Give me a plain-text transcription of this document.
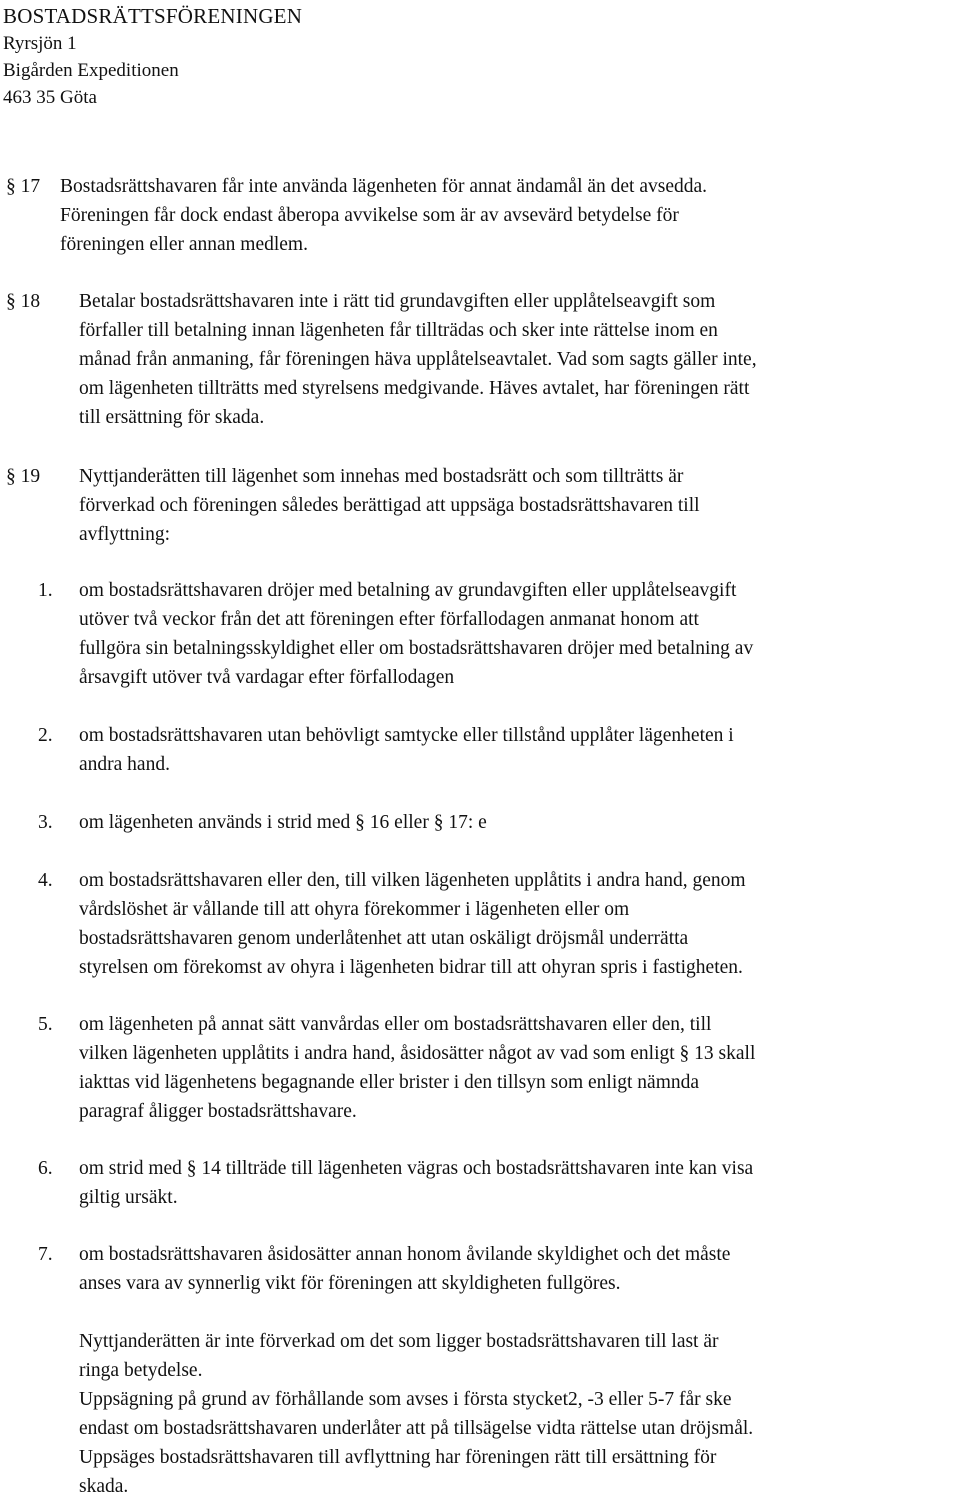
BOSTADSRÄTTSFÖRENINGEN
Ryrsjön 1
Bigården Expeditionen
463 35 Göta
§ 17 Bostadsrättshavaren får inte använda lägenheten för annat ändamål än det avsedda.
Föreningen får dock endast åberopa avvikelse som är av avsevärd betydelse för
föreningen eller annan medlem.
§ 18 Betalar bostadsrättshavaren inte i rätt tid grundavgiften eller upplåtelseavgift som
förfaller till betalning innan lägenheten får tillträdas och sker inte rättelse inom en
månad från anmaning, får föreningen häva upplåtelseavtalet. Vad som sagts gäller inte,
om lägenheten tillträtts med styrelsens medgivande. Häves avtalet, har föreningen rätt
till ersättning för skada.
§ 19 Nyttjanderätten till lägenhet som innehas med bostadsrätt och som tillträtts är
förverkad och föreningen således berättigad att uppsäga bostadsrättshavaren till
avflyttning:
1. om bostadsrättshavaren dröjer med betalning av grundavgiften eller upplåtelseavgift
utöver två veckor från det att föreningen efter förfallodagen anmanat honom att
fullgöra sin betalningsskyldighet eller om bostadsrättshavaren dröjer med betalning av
årsavgift utöver två vardagar efter förfallodagen
2. om bostadsrättshavaren utan behövligt samtycke eller tillstånd upplåter lägenheten i
andra hand.
3. om lägenheten används i strid med § 16 eller § 17: e
4. om bostadsrättshavaren eller den, till vilken lägenheten upplåtits i andra hand, genom
vårdslöshet är vållande till att ohyra förekommer i lägenheten eller om
bostadsrättshavaren genom underlåtenhet att utan oskäligt dröjsmål underrätta
styrelsen om förekomst av ohyra i lägenheten bidrar till att ohyran spris i fastigheten.
5. om lägenheten på annat sätt vanvårdas eller om bostadsrättshavaren eller den, till
vilken lägenheten upplåtits i andra hand, åsidosätter något av vad som enligt § 13 skall
iakttas vid lägenhetens begagnande eller brister i den tillsyn som enligt nämnda
paragraf åligger bostadsrättshavare.
6. om strid med § 14 tillträde till lägenheten vägras och bostadsrättshavaren inte kan visa
giltig ursäkt.
7. om bostadsrättshavaren åsidosätter annan honom åvilande skyldighet och det måste
anses vara av synnerlig vikt för föreningen att skyldigheten fullgöres.
Nyttjanderätten är inte förverkad om det som ligger bostadsrättshavaren till last är
ringa betydelse.
Uppsägning på grund av förhållande som avses i första stycket2, -3 eller 5-7 får ske
endast om bostadsrättshavaren underlåter att på tillsägelse vidta rättelse utan dröjsmål.
Uppsäges bostadsrättshavaren till avflyttning har föreningen rätt till ersättning för
skada.
